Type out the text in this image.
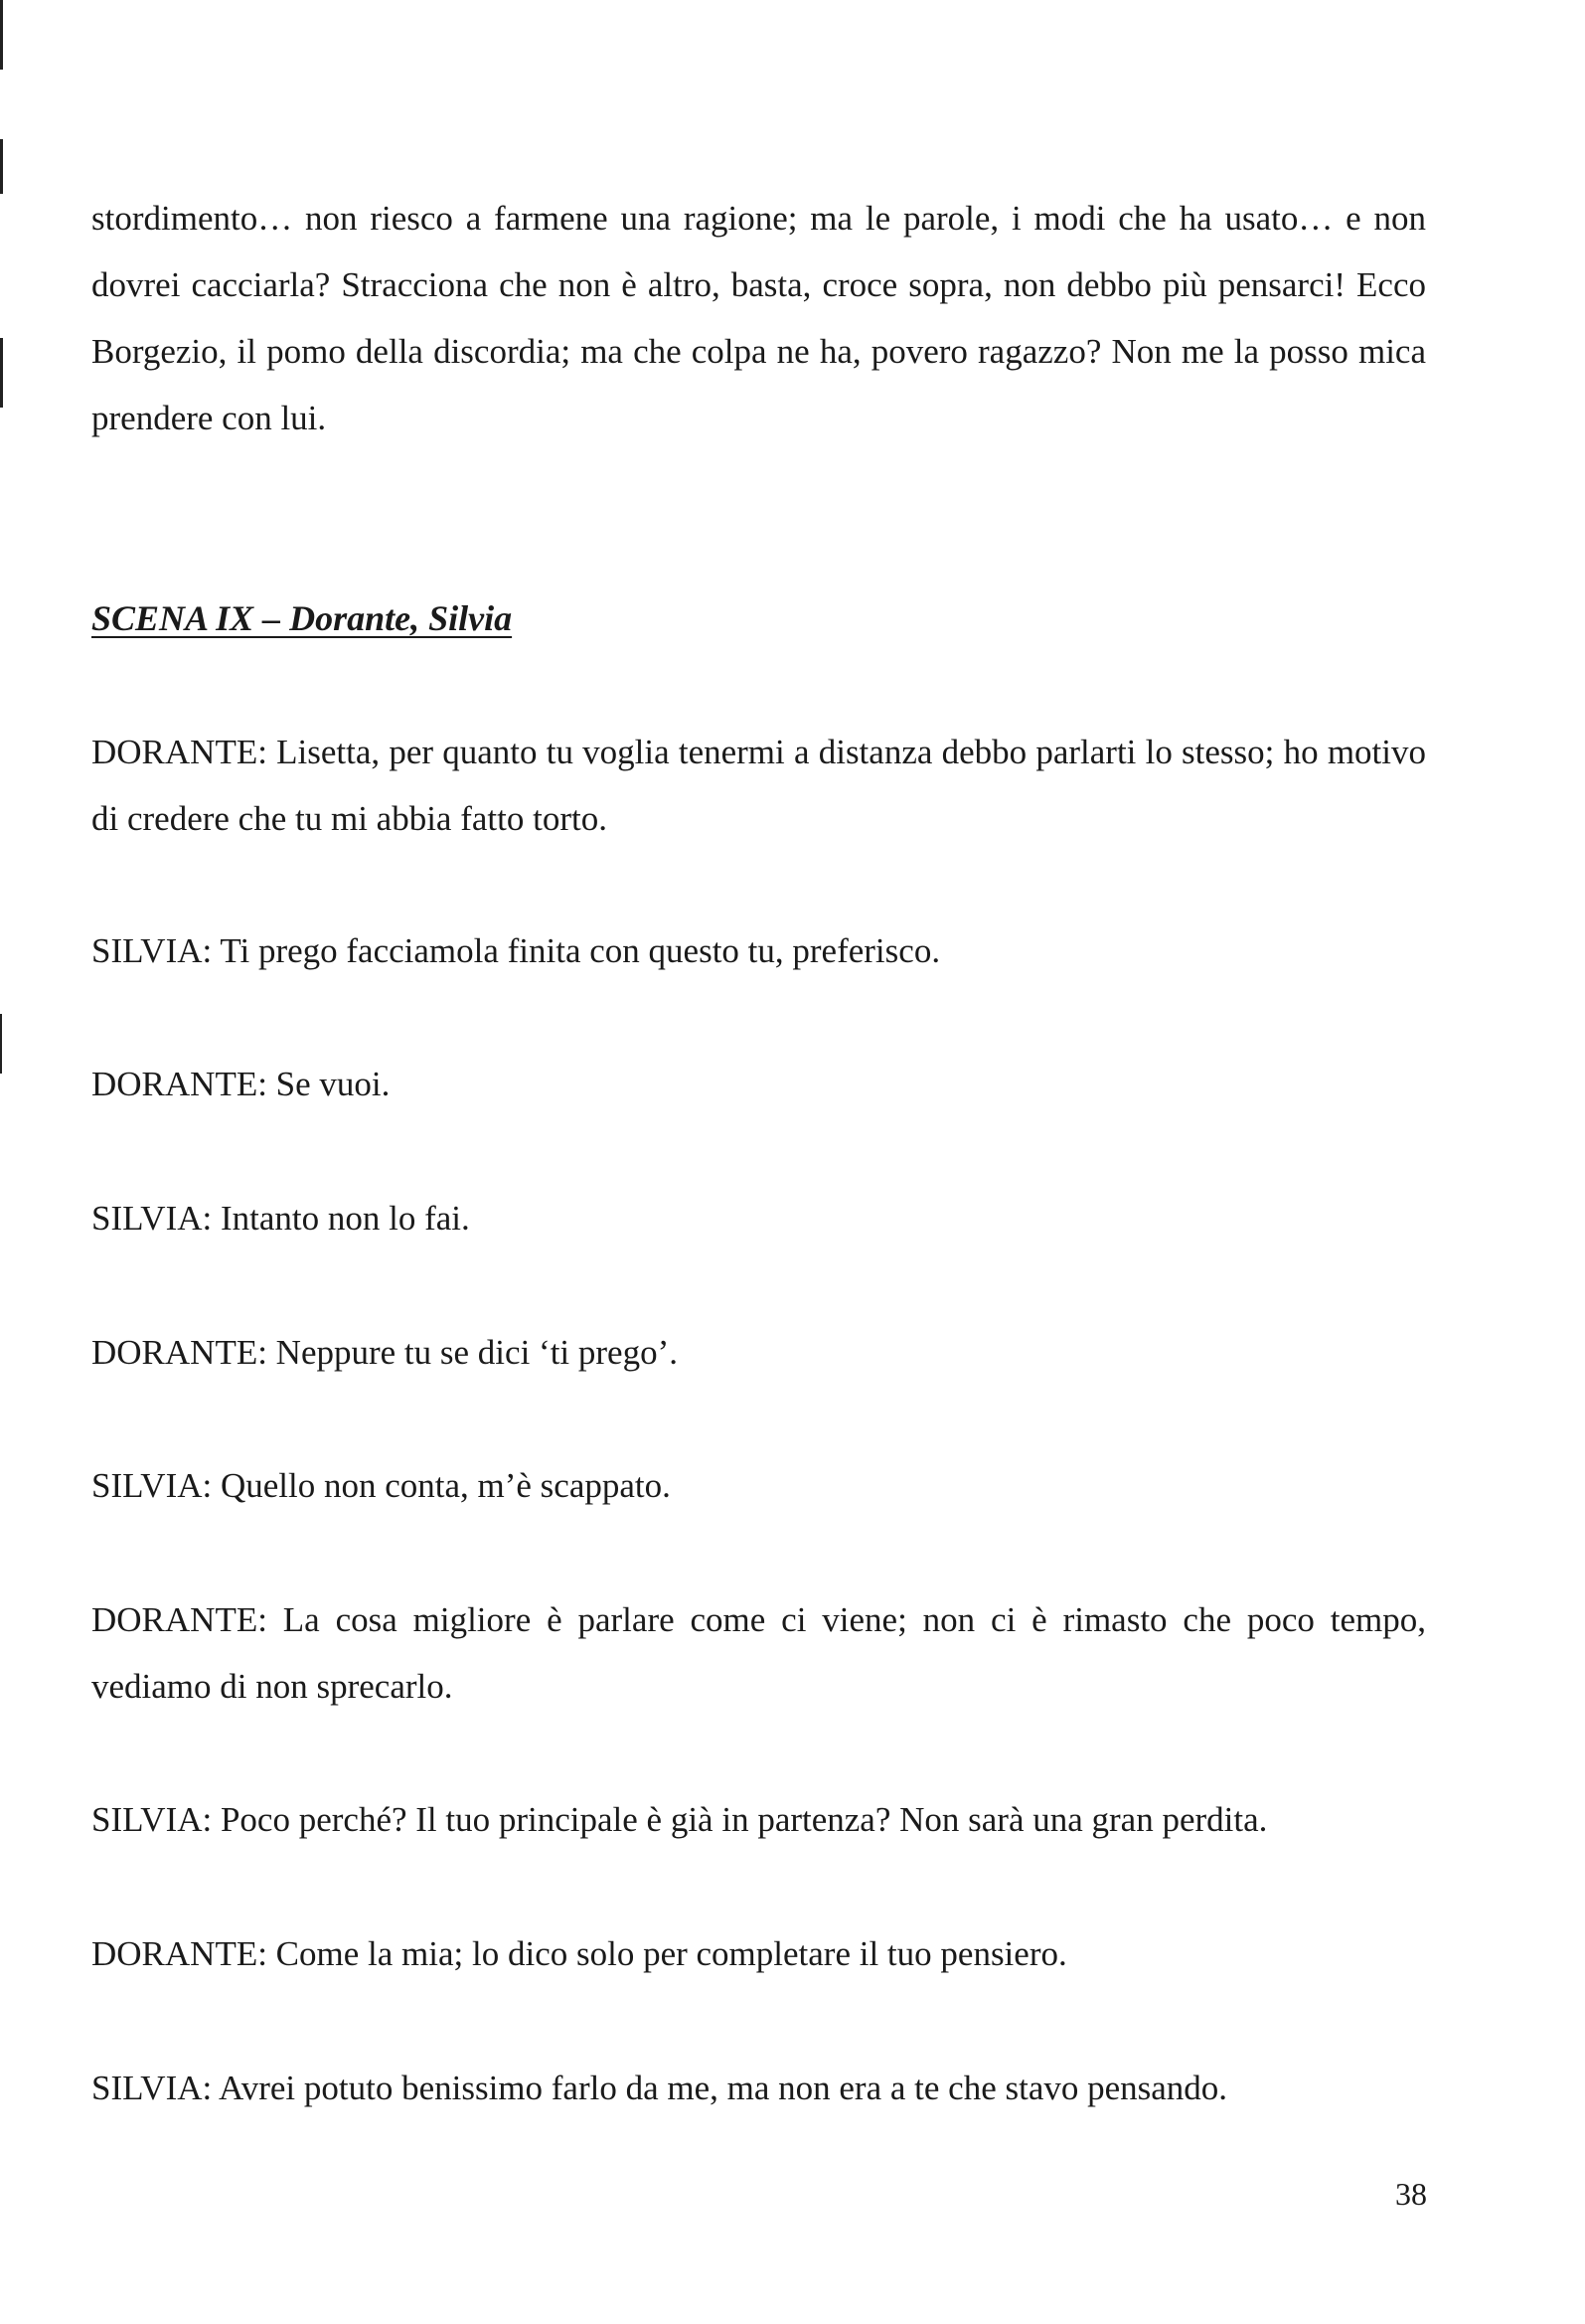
stordimento… non riesco a farmene una ragione; ma le parole, i modi che ha usato… e non dovrei cacciarla? Stracciona che non è altro, basta, croce sopra, non debbo più pensarci! Ecco Borgezio, il pomo della discordia; ma che colpa ne ha, povero ragazzo? Non me la posso mica prendere con lui.

SCENA IX – Dorante, Silvia

DORANTE: Lisetta, per quanto tu voglia tenermi a distanza debbo parlarti lo stesso; ho motivo di credere che tu mi abbia fatto torto.

SILVIA: Ti prego facciamola finita con questo tu, preferisco.

DORANTE: Se vuoi.

SILVIA: Intanto non lo fai.

DORANTE: Neppure tu se dici ‘ti prego’.

SILVIA: Quello non conta, m’è scappato.

DORANTE: La cosa migliore è parlare come ci viene; non ci è rimasto che poco tempo, vediamo di non sprecarlo.

SILVIA: Poco perché? Il tuo principale è già in partenza? Non sarà una gran perdita.

DORANTE: Come la mia; lo dico solo per completare il tuo pensiero.

SILVIA: Avrei potuto benissimo farlo da me, ma non era a te che stavo pensando.

38
